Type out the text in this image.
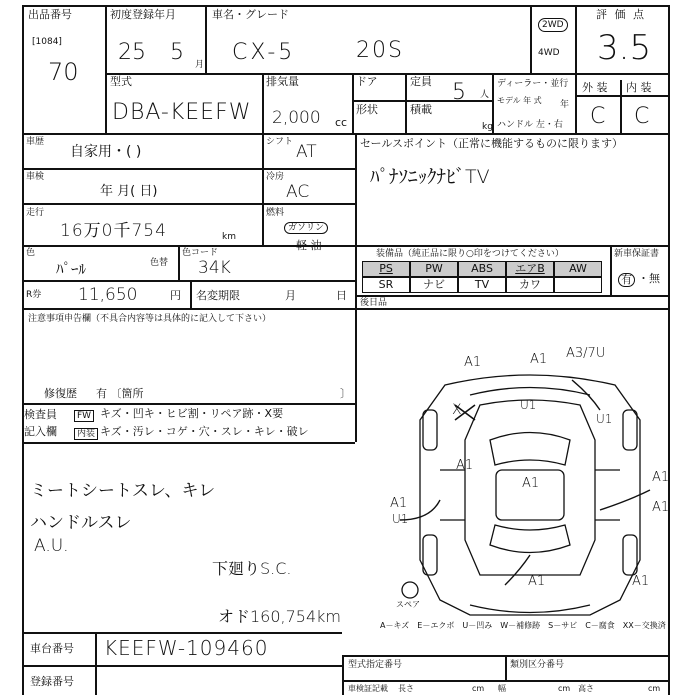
出品番号
[1084]
70
初度登録年月
25 5 月
車名・グレード
CX-5	20S
2WD
4WD
評 価 点
3.5
型式
DBA-KEEFW
排気量
2,000 cc
ドア
形状
定員 5 人
積載
kg
ディーラー・並行
モデル 年 式	年
ハンドル 左・右
外 装 内 装
C C
車歴
自家用・( )
シフト AT
車検
年 月( 日)
冷房
AC
走行
16万0千754	km
燃料
ガソリン
軽 油
色
ﾊﾟｰﾙ	色替
色コード
34K
R券 11,650	円 名変期限	月	日
セールスポイント（正常に機能するものに限ります）
ﾊﾟﾅｿﾆｯｸﾅﾋﾞTV
装備品（純正品に限り○印をつけてください）	新車保証書
PS	PW	ABS	エアB	AW
SR	ナビ	TV	カワ	有 ・無
後日品
注意事項申告欄（不具合内容等は具体的に記入して下さい）
修復歴 有 〔箇所	〕
検査員
記入欄
FW キズ・凹キ・ヒビ割・リペア跡・X要
内装 キズ・汚レ・コゲ・穴・スレ・キレ・破レ
ミートシートスレ、キレ
ハンドルスレ
A.U.
下廻りS.C.
オド160,754km
A1	A1 A3/7U
X	U1
U1
A1
A1	A1
A1	A1
A1
U1
A1
スペア
A－キズ　E－エクボ　U－凹み　W－補修跡　S－サビ　C－腐食　XX－交換済
車台番号 KEEFW-109460
登録番号
型式指定番号	類別区分番号
車検証記載 長さ	cm 幅	cm 高さ	cm
